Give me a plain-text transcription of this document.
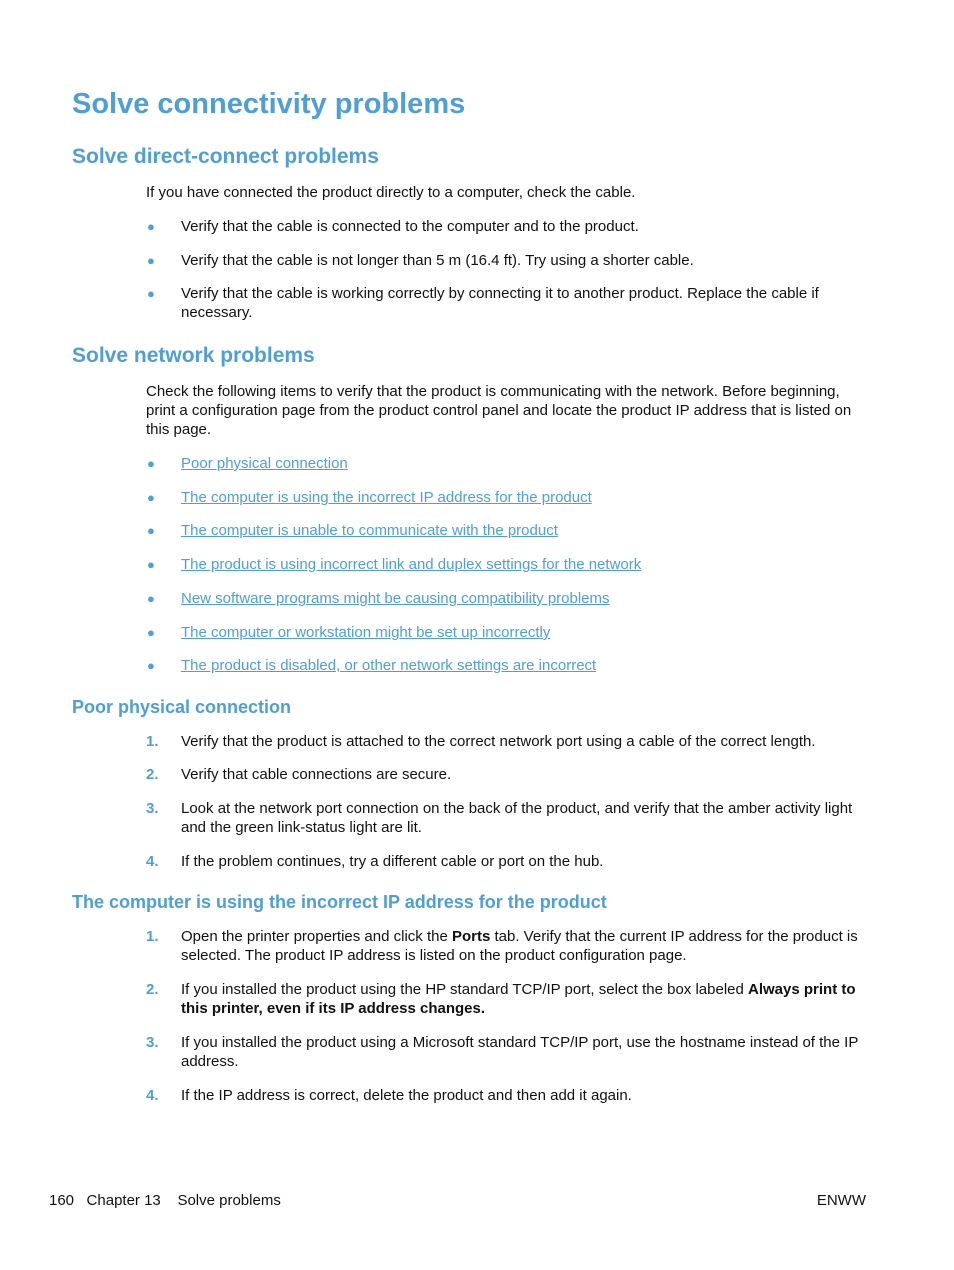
Solve connectivity problems
Solve direct-connect problems
If you have connected the product directly to a computer, check the cable.
● Verify that the cable is connected to the computer and to the product.
● Verify that the cable is not longer than 5 m (16.4 ft). Try using a shorter cable.
● Verify that the cable is working correctly by connecting it to another product. Replace the cable if necessary.
Solve network problems
Check the following items to verify that the product is communicating with the network. Before beginning, print a configuration page from the product control panel and locate the product IP address that is listed on this page.
● Poor physical connection
● The computer is using the incorrect IP address for the product
● The computer is unable to communicate with the product
● The product is using incorrect link and duplex settings for the network
● New software programs might be causing compatibility problems
● The computer or workstation might be set up incorrectly
● The product is disabled, or other network settings are incorrect
Poor physical connection
1. Verify that the product is attached to the correct network port using a cable of the correct length.
2. Verify that cable connections are secure.
3. Look at the network port connection on the back of the product, and verify that the amber activity light and the green link-status light are lit.
4. If the problem continues, try a different cable or port on the hub.
The computer is using the incorrect IP address for the product
1. Open the printer properties and click the Ports tab. Verify that the current IP address for the product is selected. The product IP address is listed on the product configuration page.
2. If you installed the product using the HP standard TCP/IP port, select the box labeled Always print to this printer, even if its IP address changes.
3. If you installed the product using a Microsoft standard TCP/IP port, use the hostname instead of the IP address.
4. If the IP address is correct, delete the product and then add it again.
160 Chapter 13 Solve problems	ENWW
